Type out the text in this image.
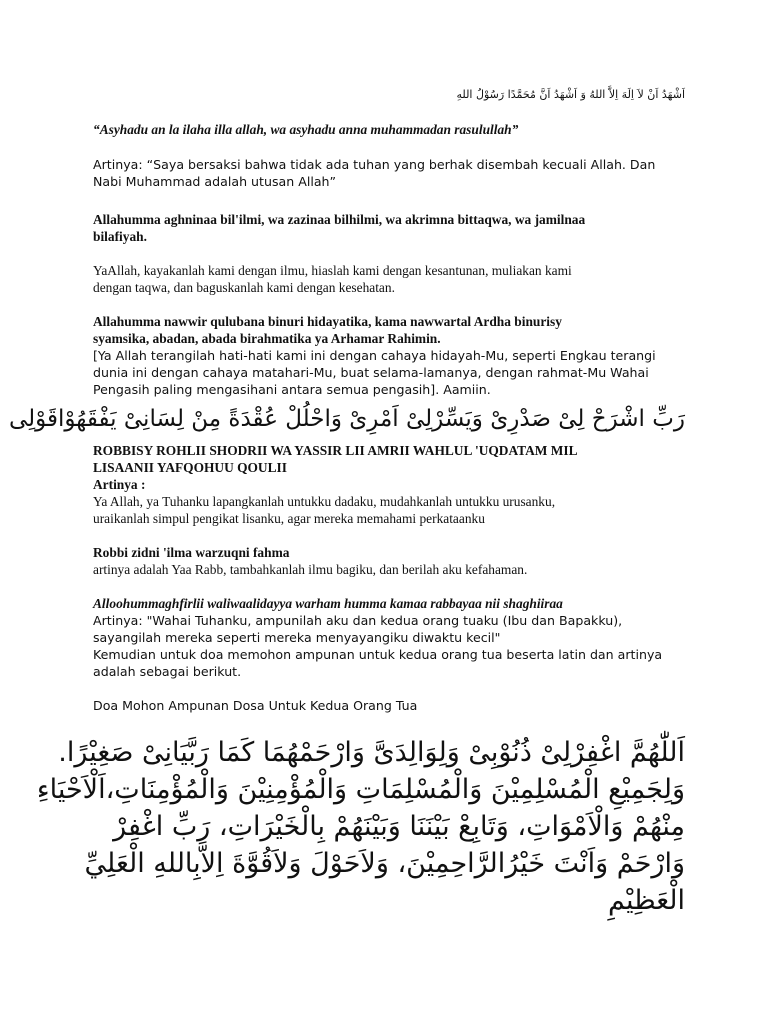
اَشْهَدُ اَنْ لاَ اِلَهَ اِلاَّ اللهُ وَ اَشْهَدُ اَنَّ مُحَمَّدًا رَسُوْلُ اللهِ

“Asyhadu an la ilaha illa allah, wa asyhadu anna muhammadan rasulullah”

Artinya: “Saya bersaksi bahwa tidak ada tuhan yang berhak disembah kecuali Allah. Dan
Nabi Muhammad adalah utusan Allah”

Allahumma aghninaa bil'ilmi, wa zazinaa bilhilmi, wa akrimna bittaqwa, wa jamilnaa
bilafiyah.

YaAllah, kayakanlah kami dengan ilmu, hiaslah kami dengan kesantunan, muliakan kami
dengan taqwa, dan baguskanlah kami dengan kesehatan.

Allahumma nawwir qulubana binuri hidayatika, kama nawwartal Ardha binurisy
syamsika, abadan, abada birahmatika ya Arhamar Rahimin.

[Ya Allah terangilah hati-hati kami ini dengan cahaya hidayah-Mu, seperti Engkau terangi
dunia ini dengan cahaya matahari-Mu, buat selama-lamanya, dengan rahmat-Mu Wahai
Pengasih paling mengasihani antara semua pengasih]. Aamiin.

رَبِّ اشْرَحْ لِىْ صَدْرِىْ وَيَسِّرْلِىْ اَمْرِىْ وَاحْلُلْ عُقْدَةً مِنْ لِسَانِىْ يَفْقَهُوْاقَوْلِى

ROBBISY ROHLII SHODRII WA YASSIR LII AMRII WAHLUL 'UQDATAM MIL
LISAANII YAFQOHUU QOULII

Artinya :

Ya Allah, ya Tuhanku lapangkanlah untukku dadaku, mudahkanlah untukku urusanku,
uraikanlah simpul pengikat lisanku, agar mereka memahami perkataanku

Robbi zidni 'ilma warzuqni fahma

artinya adalah Yaa Rabb, tambahkanlah ilmu bagiku, dan berilah aku kefahaman.

Alloohummaghfirlii waliwaalidayya warham humma kamaa rabbayaa nii shaghiiraa

Artinya: "Wahai Tuhanku, ampunilah aku dan kedua orang tuaku (Ibu dan Bapakku),
sayangilah mereka seperti mereka menyayangiku diwaktu kecil"
Kemudian untuk doa memohon ampunan untuk kedua orang tua beserta latin dan artinya
adalah sebagai berikut.

Doa Mohon Ampunan Dosa Untuk Kedua Orang Tua

اَللّٰهُمَّ اغْفِرْلِىْ ذُنُوْبِىْ وَلِوَالِدَىَّ وَارْحَمْهُمَا كَمَا رَبَّيَانِىْ صَغِيْرًا.
وَلِجَمِيْعِ الْمُسْلِمِيْنَ وَالْمُسْلِمَاتِ وَالْمُؤْمِنِيْنَ وَالْمُؤْمِنَاتِ،اَلْاَحْيَاءِ
مِنْهُمْ وَالْاَمْوَاتِ، وَتَابِعْ بَيْنَنَا وَبَيْنَهُمْ بِالْخَيْرَاتِ، رَبِّ اغْفِرْ
وَارْحَمْ وَاَنْتَ خَيْرُالرَّاحِمِيْنَ، وَلاَحَوْلَ وَلاَقُوَّةَ اِلاَّبِاللهِ الْعَلِيِّ
الْعَظِيْمِ
